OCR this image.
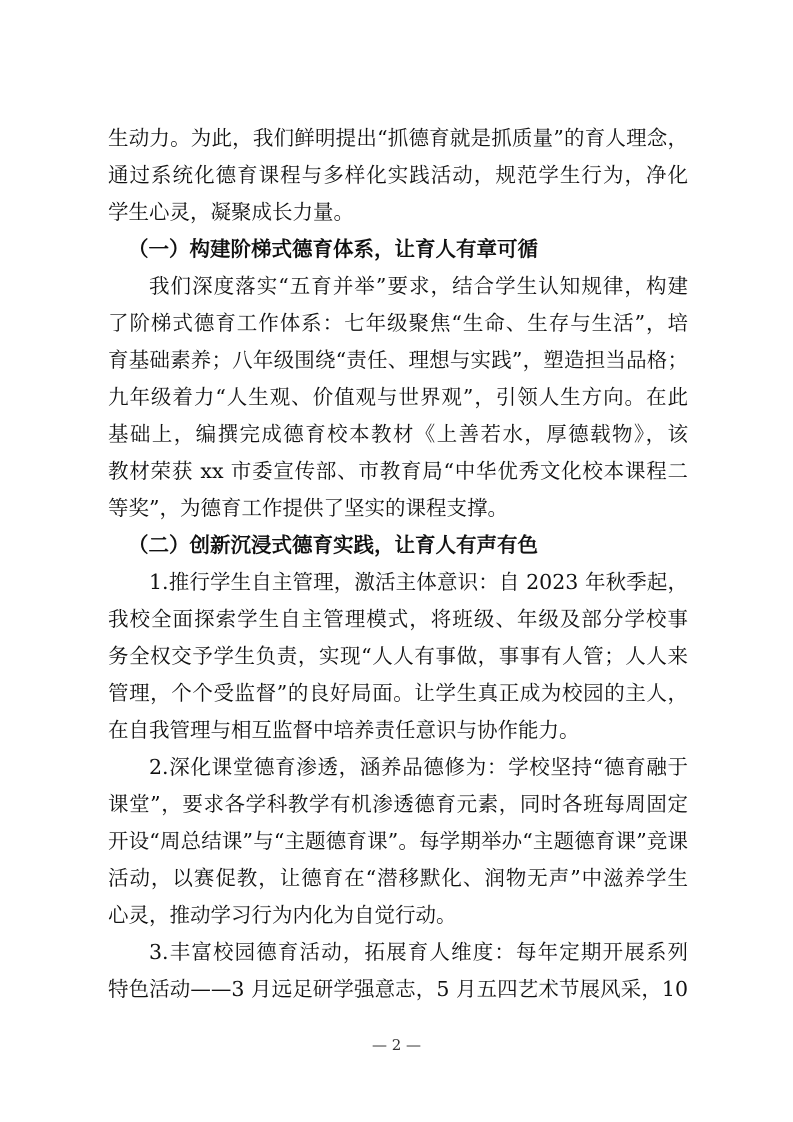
生动力。为此，我们鲜明提出“抓德育就是抓质量”的育人理念，
通过系统化德育课程与多样化实践活动，规范学生行为，净化
学生心灵，凝聚成长力量。
（一）构建阶梯式德育体系，让育人有章可循
我们深度落实“五育并举”要求，结合学生认知规律，构建
了阶梯式德育工作体系：七年级聚焦“生命、生存与生活”，培
育基础素养；八年级围绕“责任、理想与实践”，塑造担当品格；
九年级着力“人生观、价值观与世界观”，引领人生方向。在此
基础上，编撰完成德育校本教材《上善若水，厚德载物》，该
教材荣获 xx 市委宣传部、市教育局“中华优秀文化校本课程二
等奖”，为德育工作提供了坚实的课程支撑。
（二）创新沉浸式德育实践，让育人有声有色
1.推行学生自主管理，激活主体意识：自 2023 年秋季起，
我校全面探索学生自主管理模式，将班级、年级及部分学校事
务全权交予学生负责，实现“人人有事做，事事有人管；人人来
管理，个个受监督”的良好局面。让学生真正成为校园的主人，
在自我管理与相互监督中培养责任意识与协作能力。
2.深化课堂德育渗透，涵养品德修为：学校坚持“德育融于
课堂”，要求各学科教学有机渗透德育元素，同时各班每周固定
开设“周总结课”与“主题德育课”。每学期举办“主题德育课”竞课
活动，以赛促教，让德育在“潜移默化、润物无声”中滋养学生
心灵，推动学习行为内化为自觉行动。
3.丰富校园德育活动，拓展育人维度：每年定期开展系列
特色活动——3 月远足研学强意志，5 月五四艺术节展风采，10
— 2 —
